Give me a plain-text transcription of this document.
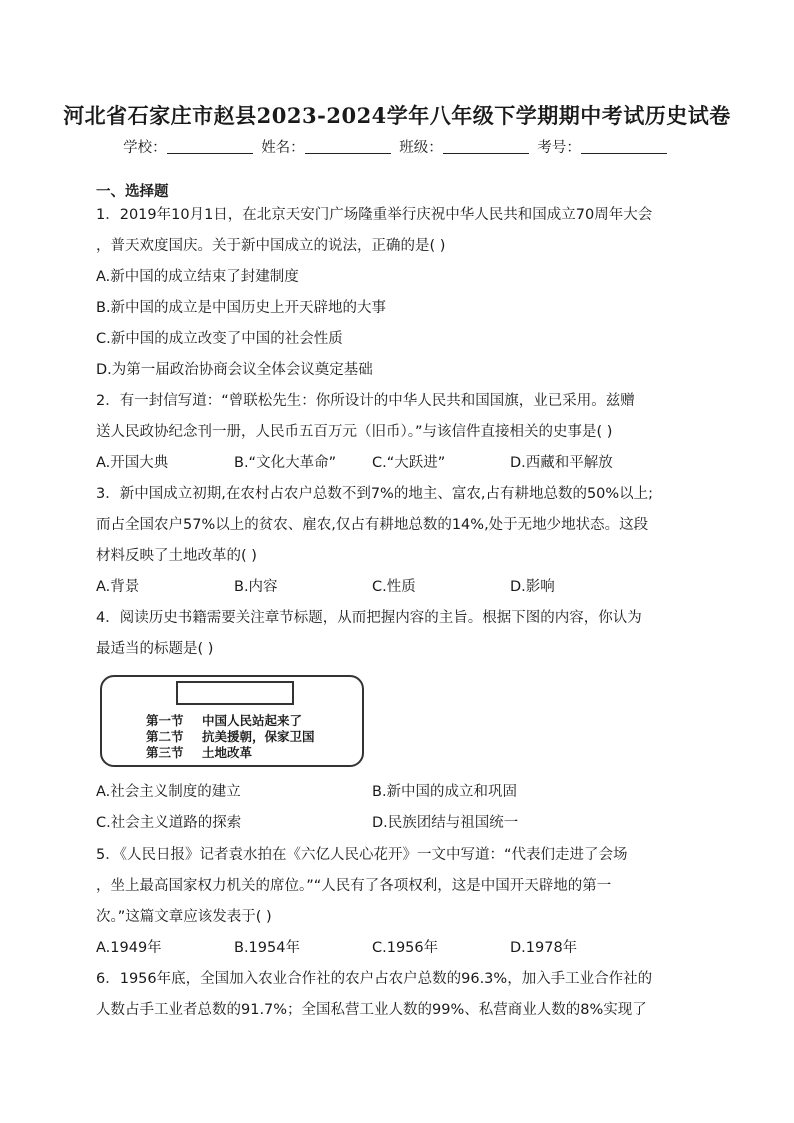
河北省石家庄市赵县2023-2024学年八年级下学期期中考试历史试卷
学校：	姓名：	班级：	考号：
一、选择题
1．2019年10月1日，在北京天安门广场隆重举行庆祝中华人民共和国成立70周年大会
，普天欢度国庆。关于新中国成立的说法，正确的是( )
A.新中国的成立结束了封建制度
B.新中国的成立是中国历史上开天辟地的大事
C.新中国的成立改变了中国的社会性质
D.为第一届政治协商会议全体会议奠定基础
2．有一封信写道：“曾联松先生：你所设计的中华人民共和国国旗，业已采用。兹赠
送人民政协纪念刊一册，人民币五百万元（旧币）。”与该信件直接相关的史事是( )
A.开国大典	B.“文化大革命” C.“大跃进”	D.西藏和平解放
3．新中国成立初期,在农村占农户总数不到7%的地主、富农,占有耕地总数的50%以上;
而占全国农户57%以上的贫农、雇农,仅占有耕地总数的14%,处于无地少地状态。这段
材料反映了土地改革的( )
A.背景	B.内容	C.性质	D.影响
4．阅读历史书籍需要关注章节标题，从而把握内容的主旨。根据下图的内容，你认为
最适当的标题是( )
第一节 中国人民站起来了
第二节 抗美援朝，保家卫国
第三节 土地改革
A.社会主义制度的建立	B.新中国的成立和巩固
C.社会主义道路的探索	D.民族团结与祖国统一
5．《人民日报》记者袁水拍在《六亿人民心花开》一文中写道：“代表们走进了会场
，坐上最高国家权力机关的席位。”“人民有了各项权利，这是中国开天辟地的第一
次。”这篇文章应该发表于( )
A.1949年	B.1954年	C.1956年	D.1978年
6．1956年底，全国加入农业合作社的农户占农户总数的96.3%，加入手工业合作社的
人数占手工业者总数的91.7%；全国私营工业人数的99%、私营商业人数的8%实现了
